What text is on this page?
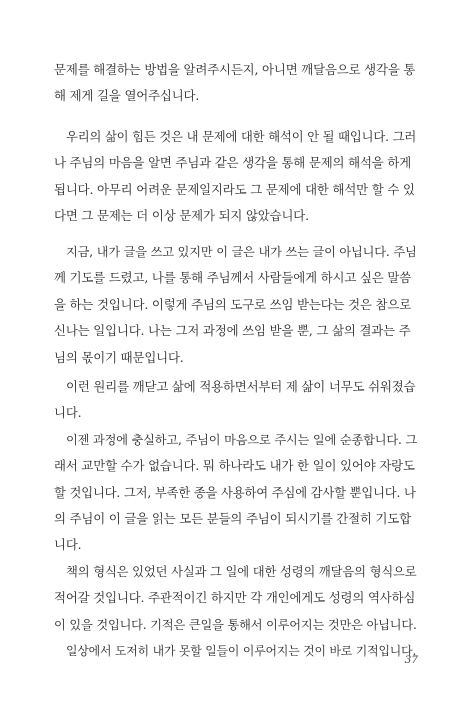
문제를 해결하는 방법을 알려주시든지, 아니면 깨달음으로 생각을 통
해 제게 길을 열어주십니다.
우리의 삶이 힘든 것은 내 문제에 대한 해석이 안 될 때입니다. 그러
나 주님의 마음을 알면 주님과 같은 생각을 통해 문제의 해석을 하게
됩니다. 아무리 어려운 문제일지라도 그 문제에 대한 해석만 할 수 있
다면 그 문제는 더 이상 문제가 되지 않았습니다.
지금, 내가 글을 쓰고 있지만 이 글은 내가 쓰는 글이 아닙니다. 주님
께 기도를 드렸고, 나를 통해 주님께서 사람들에게 하시고 싶은 말씀
을 하는 것입니다. 이렇게 주님의 도구로 쓰임 받는다는 것은 참으로
신나는 일입니다. 나는 그저 과정에 쓰임 받을 뿐, 그 삶의 결과는 주
님의 몫이기 때문입니다.
이런 원리를 깨닫고 삶에 적용하면서부터 제 삶이 너무도 쉬워졌습
니다.
이젠 과정에 충실하고, 주님이 마음으로 주시는 일에 순종합니다. 그
래서 교만할 수가 없습니다. 뭐 하나라도 내가 한 일이 있어야 자랑도
할 것입니다. 그저, 부족한 종을 사용하여 주심에 감사할 뿐입니다. 나
의 주님이 이 글을 읽는 모든 분들의 주님이 되시기를 간절히 기도합
니다.
책의 형식은 있었던 사실과 그 일에 대한 성령의 깨달음의 형식으로
적어갈 것입니다. 주관적이긴 하지만 각 개인에게도 성령의 역사하심
이 있을 것입니다. 기적은 큰일을 통해서 이루어지는 것만은 아닙니다.
일상에서 도저히 내가 못할 일들이 이루어지는 것이 바로 기적입니다.
37
